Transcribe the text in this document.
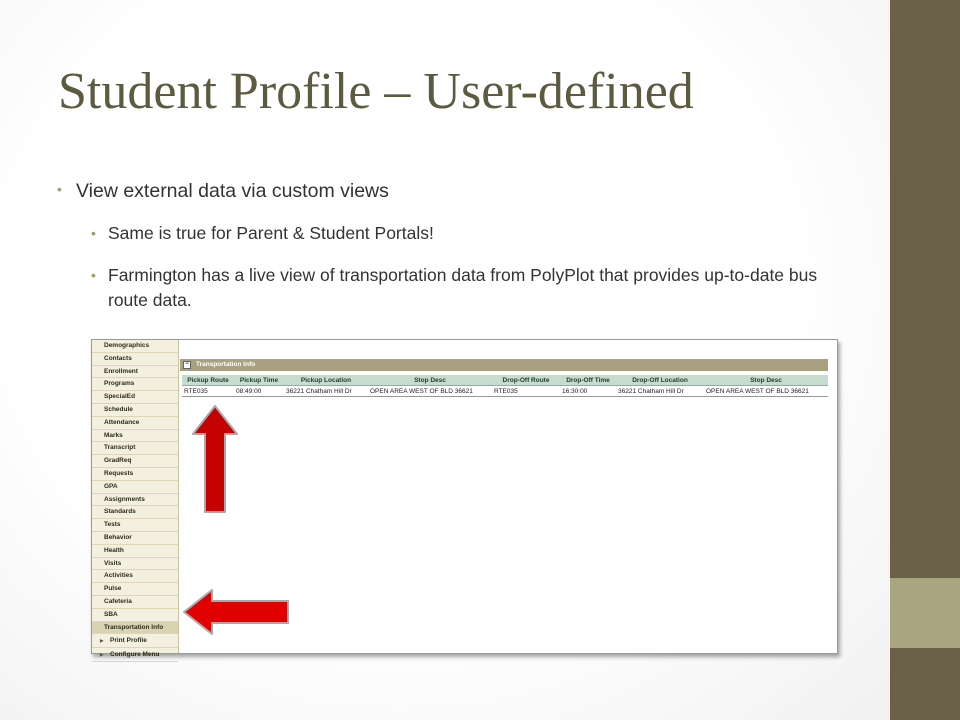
Student Profile – User-defined
• View external data via custom views
• Same is true for Parent & Student Portals!
• Farmington has a live view of transportation data from PolyPlot that provides up-to-date bus route data.
Demographics
Contacts
Enrollment
Programs
SpecialEd
Schedule
Attendance
Marks
Transcript
GradReq
Requests
GPA
Assignments
Standards
Tests
Behavior
Health
Visits
Activities
Pulse
Cafeteria
SBA
Transportation Info
▶ Print Profile
▶ Configure Menu
−	Transportation Info
Pickup Route	Pickup Time	Pickup Location	Stop Desc	Drop-Off Route	Drop-Off Time	Drop-Off Location	Stop Desc
RTE035	08:49:00	36221 Chatham Hill Dr	OPEN AREA WEST OF BLD 36621	RTE035	16:30:00	36221 Chatham Hill Dr	OPEN AREA WEST OF BLD 36621
